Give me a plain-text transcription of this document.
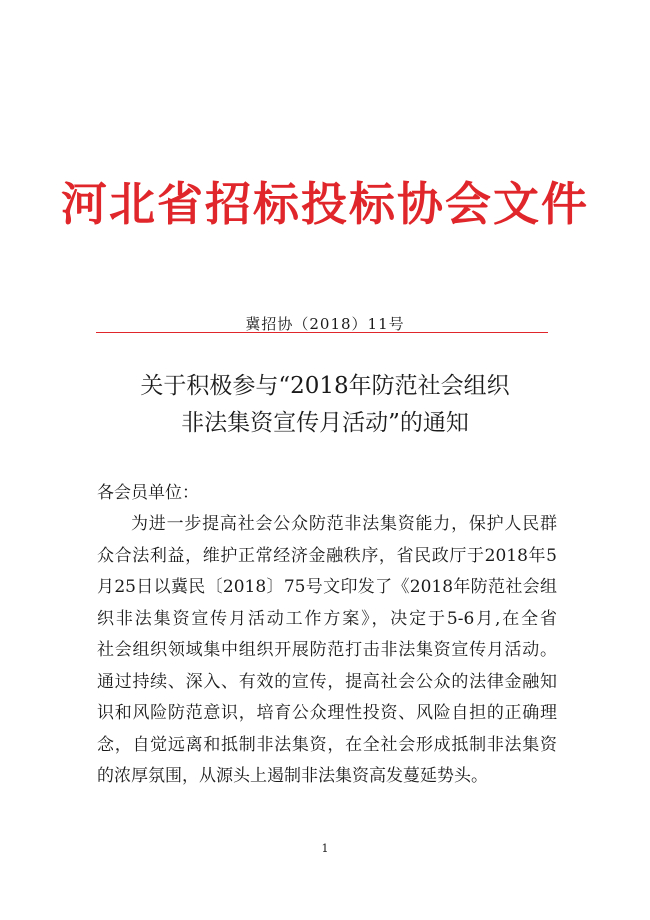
河北省招标投标协会文件
冀招协（2018）11号
关于积极参与“2018年防范社会组织
非法集资宣传月活动”的通知
各会员单位：
为进一步提高社会公众防范非法集资能力，保护人民群
众合法利益，维护正常经济金融秩序，省民政厅于2018年5
月25日以冀民〔2018〕75号文印发了《2018年防范社会组
织非法集资宣传月活动工作方案》，决定于5-6月,在全省
社会组织领域集中组织开展防范打击非法集资宣传月活动。
通过持续、深入、有效的宣传，提高社会公众的法律金融知
识和风险防范意识，培育公众理性投资、风险自担的正确理
念，自觉远离和抵制非法集资，在全社会形成抵制非法集资
的浓厚氛围，从源头上遏制非法集资高发蔓延势头。
1
